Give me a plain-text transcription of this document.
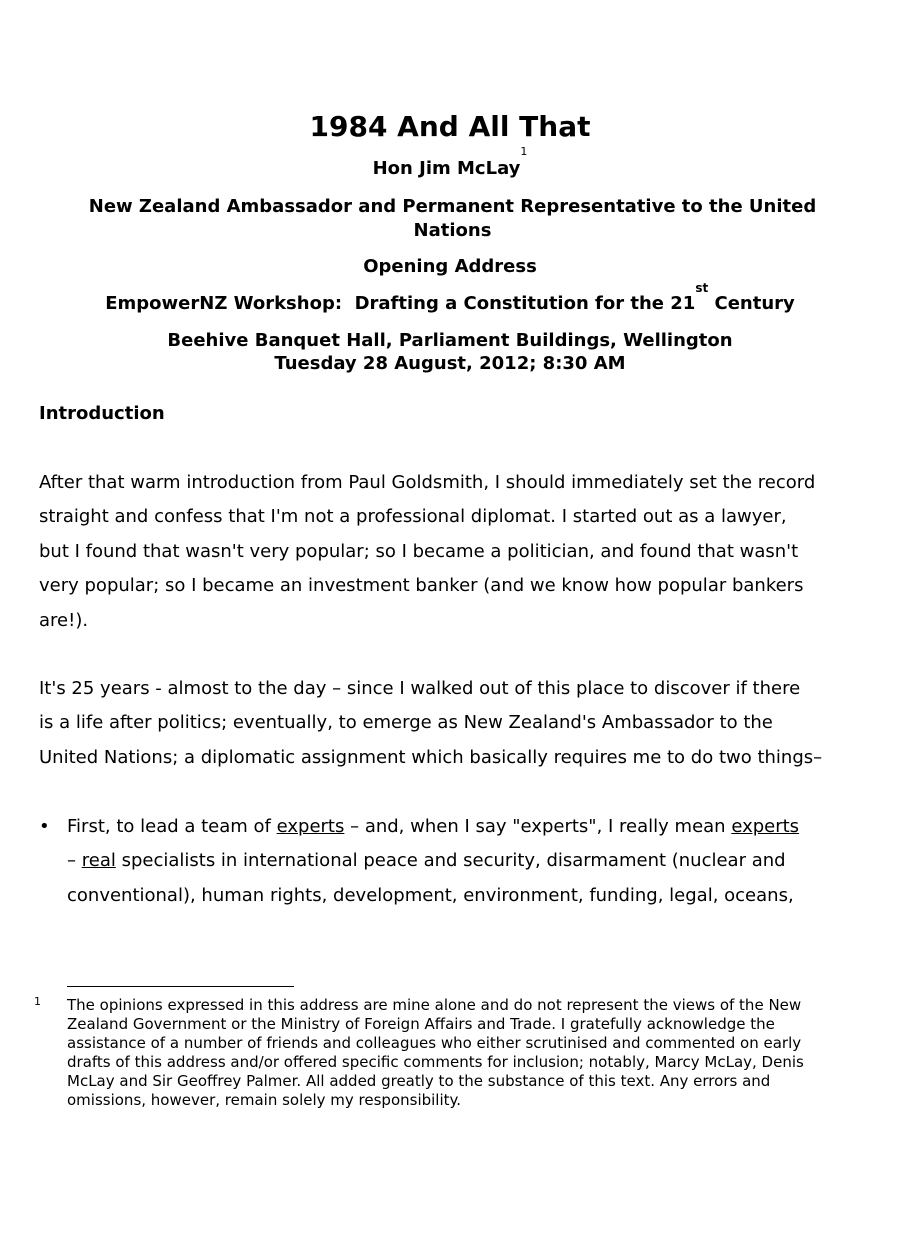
1984 And All That

Hon Jim McLay$^1$

New Zealand Ambassador and Permanent Representative to the United Nations

Opening Address

EmpowerNZ Workshop:  Drafting a Constitution for the 21st Century

Beehive Banquet Hall, Parliament Buildings, Wellington
Tuesday 28 August, 2012; 8:30 AM
Introduction

After that warm introduction from Paul Goldsmith, I should immediately set the record
straight and confess that I'm not a professional diplomat. I started out as a lawyer,
but I found that wasn't very popular; so I became a politician, and found that wasn't
very popular; so I became an investment banker (and we know how popular bankers
are!).

It's 25 years - almost to the day – since I walked out of this place to discover if there
is a life after politics; eventually, to emerge as New Zealand's Ambassador to the
United Nations; a diplomatic assignment which basically requires me to do two things–

• First, to lead a team of experts – and, when I say "experts", I really mean experts
– real specialists in international peace and security, disarmament (nuclear and
conventional), human rights, development, environment, funding, legal, oceans,
1 The opinions expressed in this address are mine alone and do not represent the views of the New
Zealand Government or the Ministry of Foreign Affairs and Trade. I gratefully acknowledge the
assistance of a number of friends and colleagues who either scrutinised and commented on early
drafts of this address and/or offered specific comments for inclusion; notably, Marcy McLay, Denis
McLay and Sir Geoffrey Palmer. All added greatly to the substance of this text. Any errors and
omissions, however, remain solely my responsibility.
